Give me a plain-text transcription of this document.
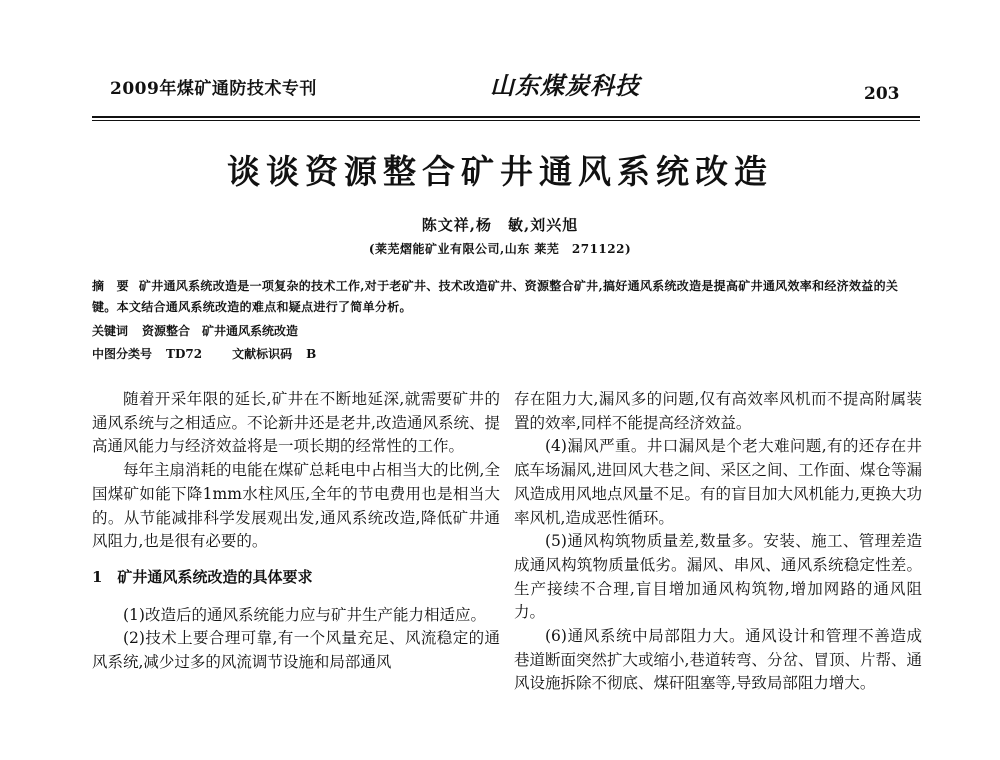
2009年煤矿通防技术专刊	山东煤炭科技	203
谈谈资源整合矿井通风系统改造
陈文祥,杨　敏,刘兴旭
(莱芜熠能矿业有限公司,山东 莱芜　271122)
摘　要 矿井通风系统改造是一项复杂的技术工作,对于老矿井、技术改造矿井、资源整合矿井,搞好通风系统改造是提高矿井通风效率和经济效益的关键。本文结合通风系统改造的难点和疑点进行了简单分析。
关键词 资源整合　矿井通风系统改造
中图分类号 TD72	文献标识码 B

随着开采年限的延长,矿井在不断地延深,就需要矿井的通风系统与之相适应。不论新井还是老井,改造通风系统、提高通风能力与经济效益将是一项长期的经常性的工作。

每年主扇消耗的电能在煤矿总耗电中占相当大的比例,全国煤矿如能下降1mm水柱风压,全年的节电费用也是相当大的。从节能减排科学发展观出发,通风系统改造,降低矿井通风阻力,也是很有必要的。

1　矿井通风系统改造的具体要求

(1)改造后的通风系统能力应与矿井生产能力相适应。

(2)技术上要合理可靠,有一个风量充足、风流稳定的通风系统,减少过多的风流调节设施和局部通风

存在阻力大,漏风多的问题,仅有高效率风机而不提高附属装置的效率,同样不能提高经济效益。

(4)漏风严重。井口漏风是个老大难问题,有的还存在井底车场漏风,进回风大巷之间、采区之间、工作面、煤仓等漏风造成用风地点风量不足。有的盲目加大风机能力,更换大功率风机,造成恶性循环。

(5)通风构筑物质量差,数量多。安装、施工、管理差造成通风构筑物质量低劣。漏风、串风、通风系统稳定性差。生产接续不合理,盲目增加通风构筑物,增加网路的通风阻力。

(6)通风系统中局部阻力大。通风设计和管理不善造成巷道断面突然扩大或缩小,巷道转弯、分岔、冒顶、片帮、通风设施拆除不彻底、煤矸阻塞等,导致局部阻力增大。
